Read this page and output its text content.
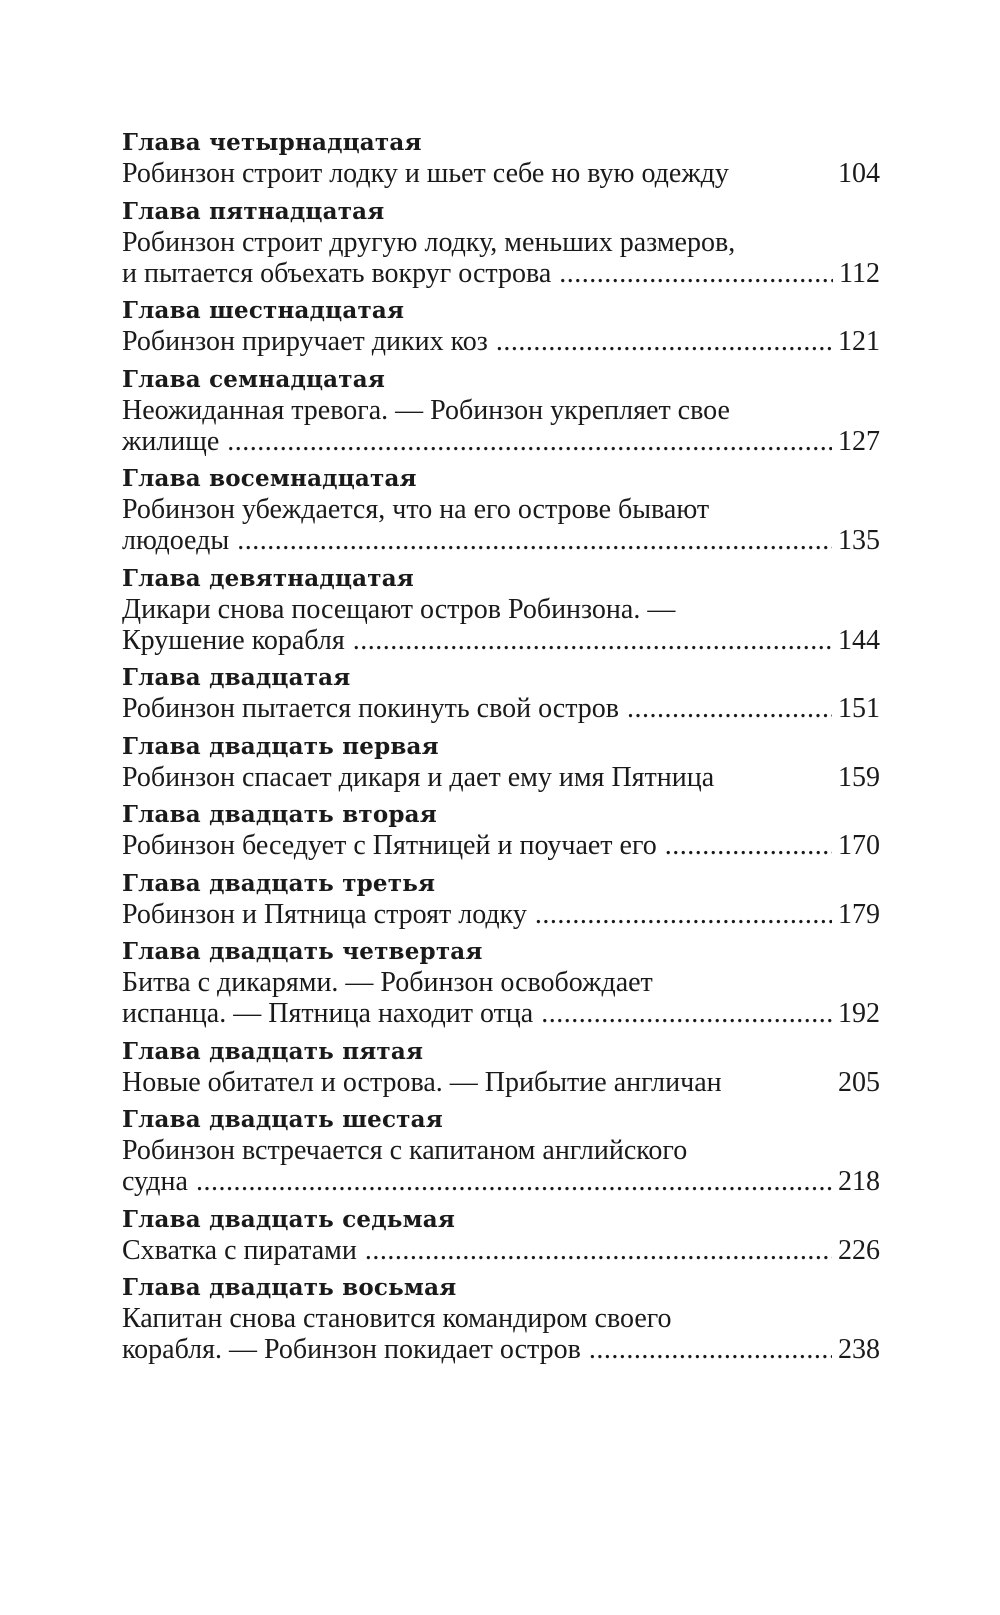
Глава четырнадцатая
Робинзон строит лодку и шьет себе но вую одежду	104
Глава пятнадцатая
Робинзон строит другую лодку, меньших размеров,
и пытается объехать вокруг острова .....	112
Глава шестнадцатая
Робинзон приручает диких коз .....	121
Глава семнадцатая
Неожиданная тревога. — Робинзон укрепляет свое
жилище .....	127
Глава восемнадцатая
Робинзон убеждается, что на его острове бывают
людоеды .....	135
Глава девятнадцатая
Дикари снова посещают остров Робинзона. —
Крушение корабля .....	144
Глава двадцатая
Робинзон пытается покинуть свой остров .....	151
Глава двадцать первая
Робинзон спасает дикаря и дает ему имя Пятница	159
Глава двадцать вторая
Робинзон беседует с Пятницей и поучает его .....	170
Глава двадцать третья
Робинзон и Пятница строят лодку .....	179
Глава двадцать четвертая
Битва с дикарями. — Робинзон освобождает
испанца. — Пятница находит отца .....	192
Глава двадцать пятая
Новые обитател и острова. — Прибытие англичан	205
Глава двадцать шестая
Робинзон встречается с капитаном английского
судна .....	218
Глава двадцать седьмая
Схватка с пиратами .....	226
Глава двадцать восьмая
Капитан снова становится командиром своего
корабля. — Робинзон покидает остров .....	238
